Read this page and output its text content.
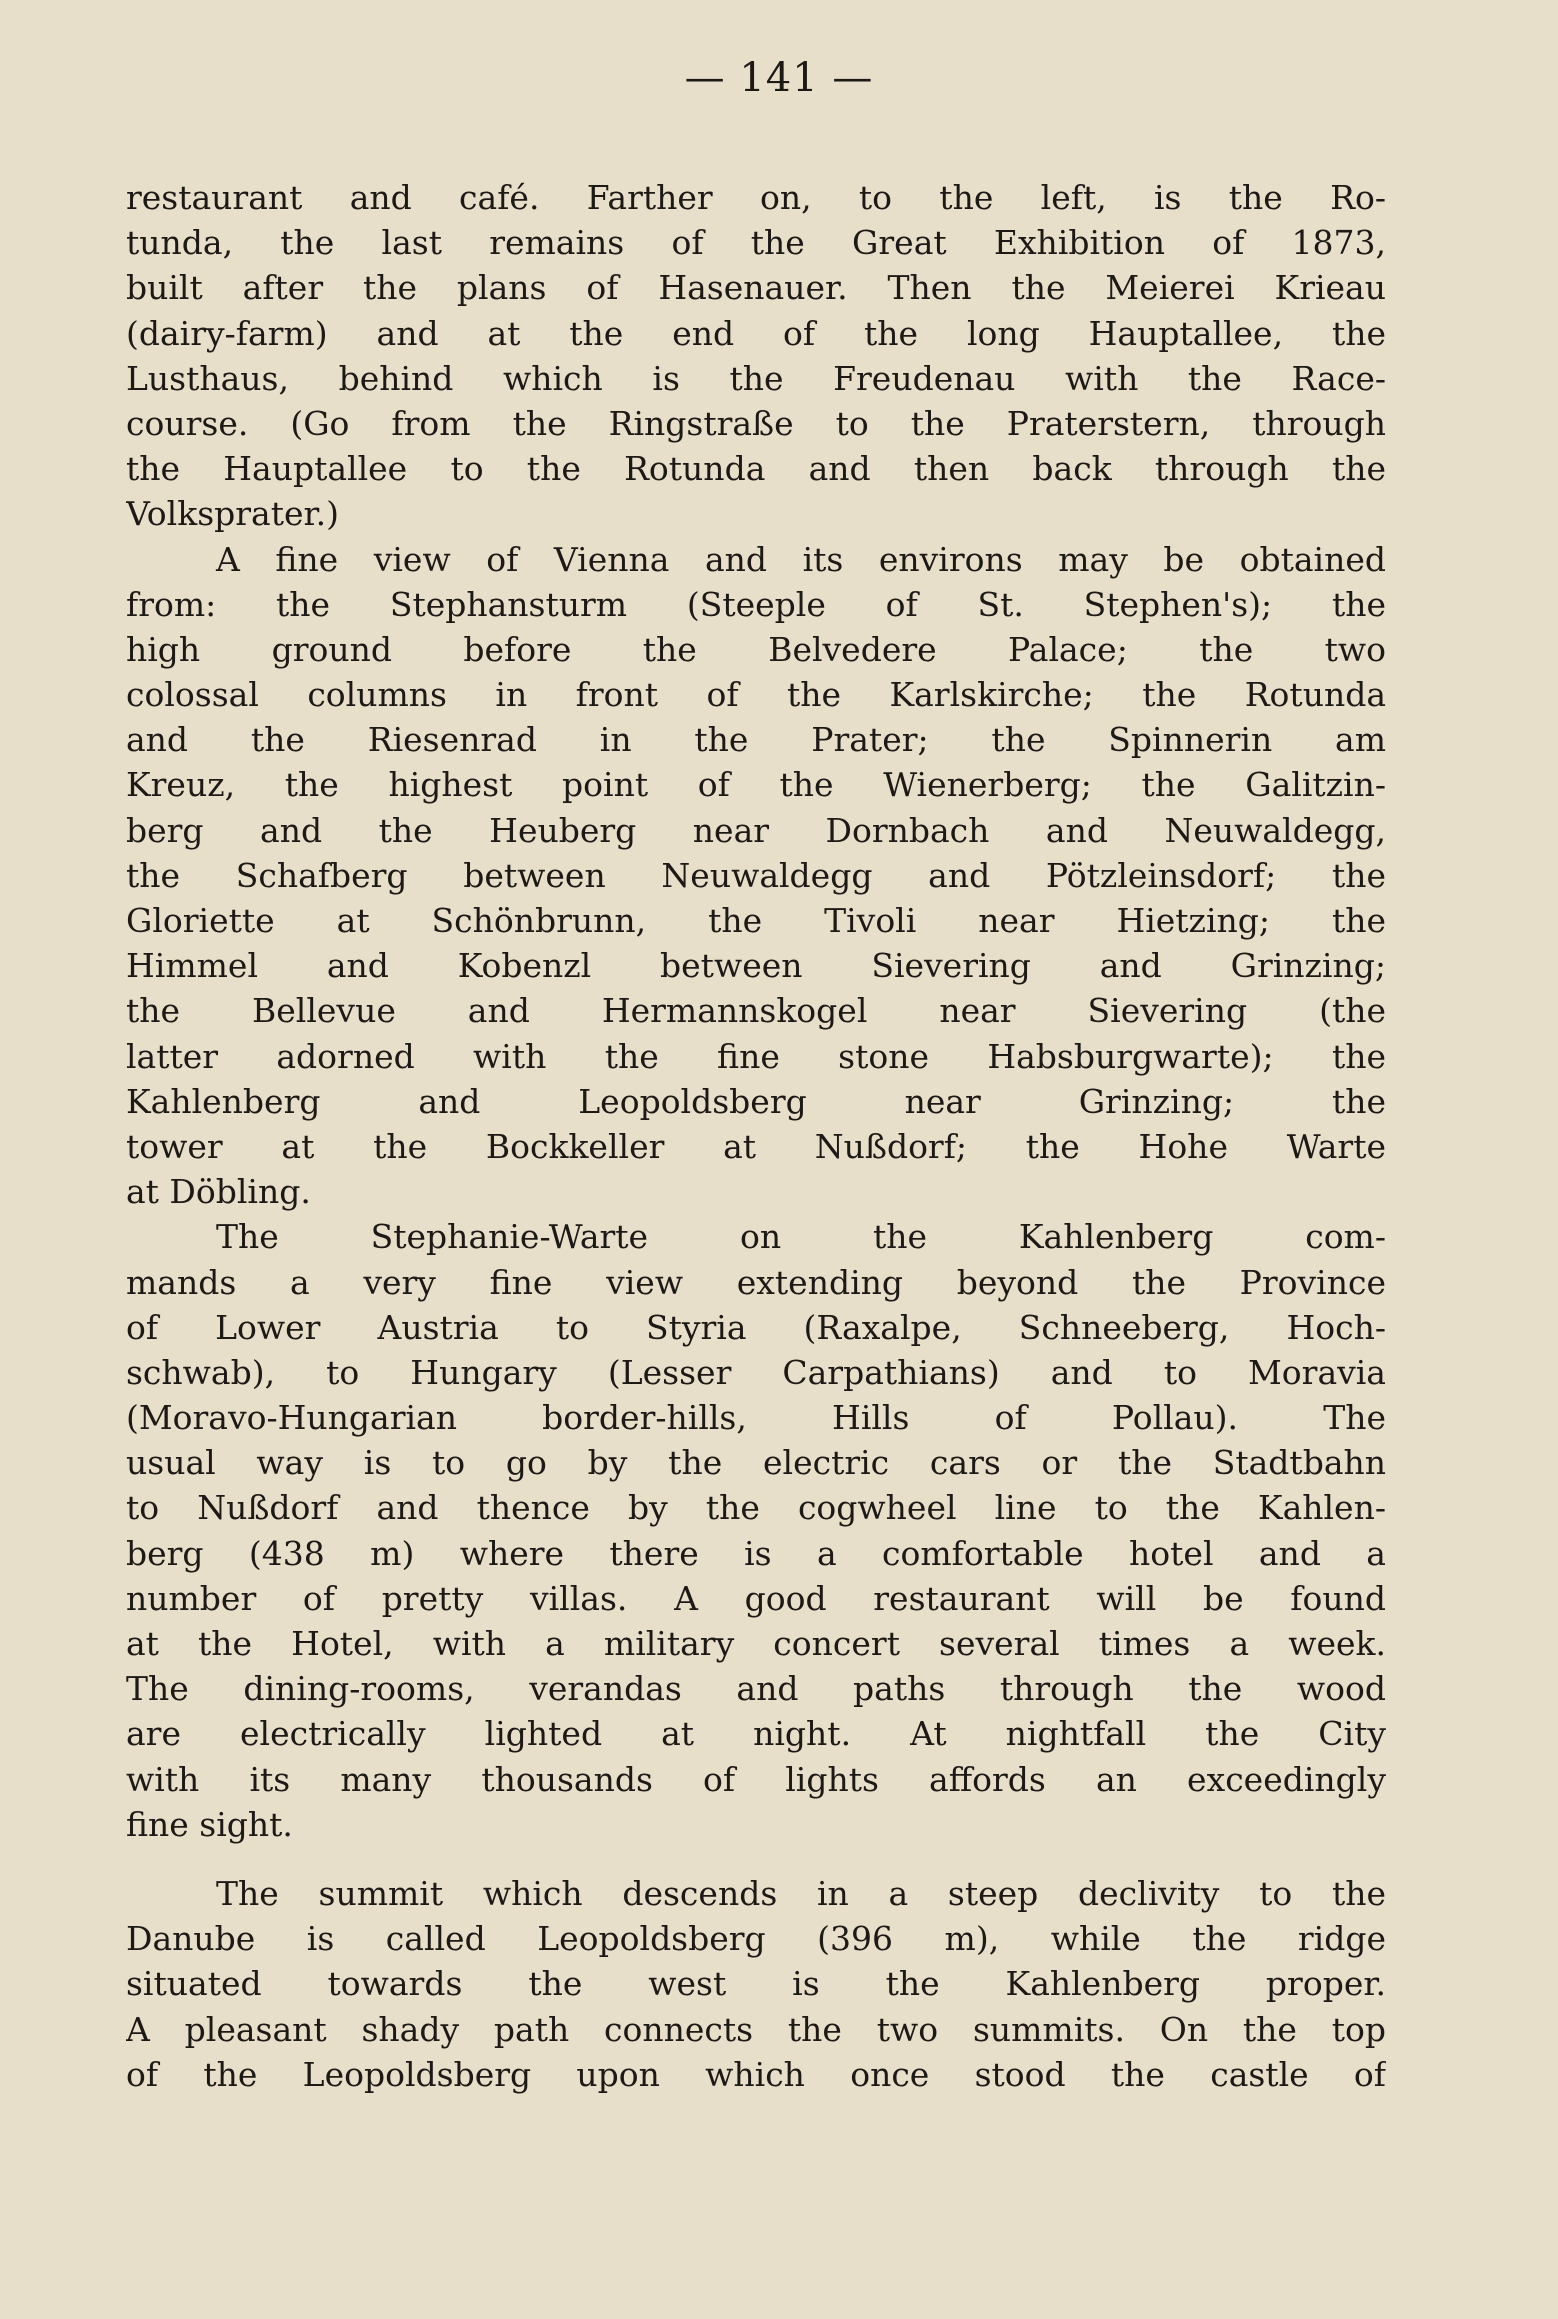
— 141 —
restaurant and café. Farther on, to the left, is the Ro-
tunda, the last remains of the Great Exhibition of 1873,
built after the plans of Hasenauer. Then the Meierei Krieau
(dairy-farm) and at the end of the long Hauptallee, the
Lusthaus, behind which is the Freudenau with the Race-
course. (Go from the Ringstraße to the Praterstern, through
the Hauptallee to the Rotunda and then back through the
Volksprater.)
A fine view of Vienna and its environs may be obtained
from: the Stephansturm (Steeple of St. Stephen's); the
high ground before the Belvedere Palace; the two
colossal columns in front of the Karlskirche; the Rotunda
and the Riesenrad in the Prater; the Spinnerin am
Kreuz, the highest point of the Wienerberg; the Galitzin-
berg and the Heuberg near Dornbach and Neuwaldegg,
the Schafberg between Neuwaldegg and Pötzleinsdorf; the
Gloriette at Schönbrunn, the Tivoli near Hietzing; the
Himmel and Kobenzl between Sievering and Grinzing;
the Bellevue and Hermannskogel near Sievering (the
latter adorned with the fine stone Habsburgwarte); the
Kahlenberg and Leopoldsberg near Grinzing; the
tower at the Bockkeller at Nußdorf; the Hohe Warte
at Döbling.
The Stephanie-Warte on the Kahlenberg com-
mands a very fine view extending beyond the Province
of Lower Austria to Styria (Raxalpe, Schneeberg, Hoch-
schwab), to Hungary (Lesser Carpathians) and to Moravia
(Moravo-Hungarian border-hills, Hills of Pollau). The
usual way is to go by the electric cars or the Stadtbahn
to Nußdorf and thence by the cogwheel line to the Kahlen-
berg (438 m) where there is a comfortable hotel and a
number of pretty villas. A good restaurant will be found
at the Hotel, with a military concert several times a week.
The dining-rooms, verandas and paths through the wood
are electrically lighted at night. At nightfall the City
with its many thousands of lights affords an exceedingly
fine sight.
The summit which descends in a steep declivity to the
Danube is called Leopoldsberg (396 m), while the ridge
situated towards the west is the Kahlenberg proper.
A pleasant shady path connects the two summits. On the top
of the Leopoldsberg upon which once stood the castle of
